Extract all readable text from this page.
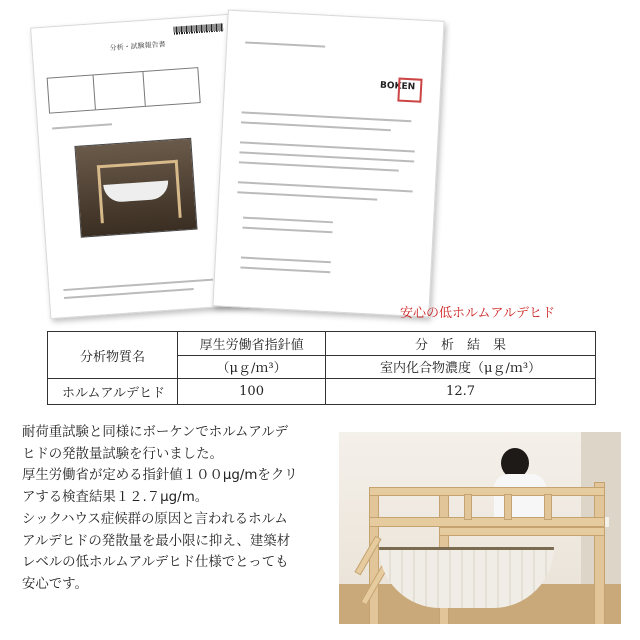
分析・試験報告書
BOKEN
安心の低ホルムアルデヒド
分析物質名	厚生労働省指針値	分　析　結　果
	（μｇ/ｍ³）	室内化合物濃度（μｇ/ｍ³）
ホルムアルデヒド	100	12.7
耐荷重試験と同様にボーケンでホルムアルデ
ヒドの発散量試験を行いました。
厚生労働省が定める指針値１００μg/mをクリ
アする検査結果１２.７μg/m。
シックハウス症候群の原因と言われるホルム
アルデヒドの発散量を最小限に抑え、建築材
レベルの低ホルムアルデヒド仕様でとっても
安心です。
